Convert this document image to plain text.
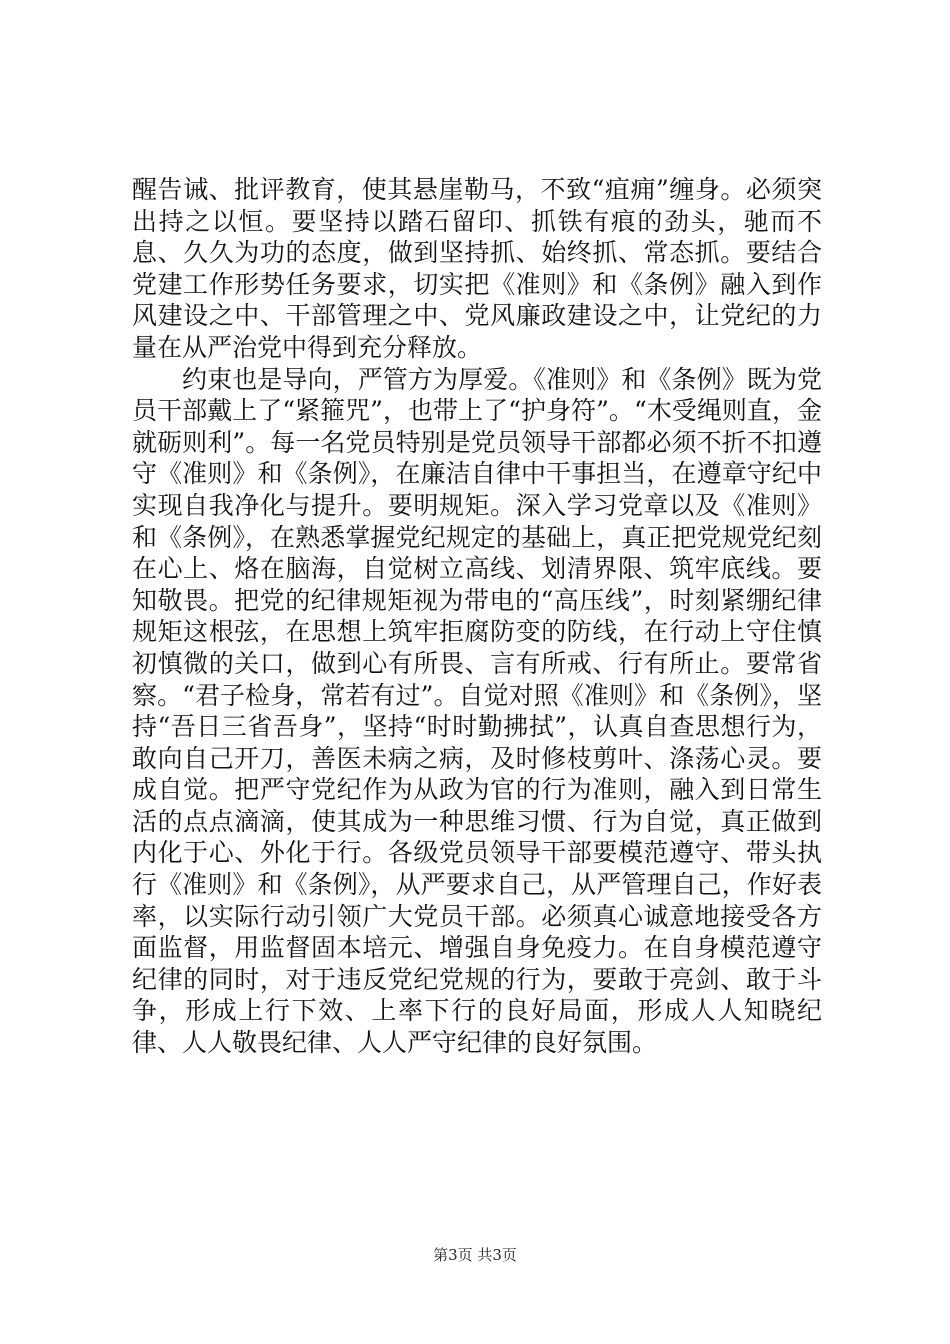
醒告诫、批评教育，使其悬崖勒马，不致“疽痈”缠身。必须突出持之以恒。要坚持以踏石留印、抓铁有痕的劲头，驰而不息、久久为功的态度，做到坚持抓、始终抓、常态抓。要结合党建工作形势任务要求，切实把《准则》和《条例》融入到作风建设之中、干部管理之中、党风廉政建设之中，让党纪的力量在从严治党中得到充分释放。

约束也是导向，严管方为厚爱。《准则》和《条例》既为党员干部戴上了“紧箍咒”，也带上了“护身符”。“木受绳则直，金就砺则利”。每一名党员特别是党员领导干部都必须不折不扣遵守《准则》和《条例》，在廉洁自律中干事担当，在遵章守纪中实现自我净化与提升。要明规矩。深入学习党章以及《准则》和《条例》，在熟悉掌握党纪规定的基础上，真正把党规党纪刻在心上、烙在脑海，自觉树立高线、划清界限、筑牢底线。要知敬畏。把党的纪律规矩视为带电的“高压线”，时刻紧绷纪律规矩这根弦，在思想上筑牢拒腐防变的防线，在行动上守住慎初慎微的关口，做到心有所畏、言有所戒、行有所止。要常省察。“君子检身，常若有过”。自觉对照《准则》和《条例》，坚持“吾日三省吾身”，坚持“时时勤拂拭”，认真自查思想行为，敢向自己开刀，善医未病之病，及时修枝剪叶、涤荡心灵。要成自觉。把严守党纪作为从政为官的行为准则，融入到日常生活的点点滴滴，使其成为一种思维习惯、行为自觉，真正做到内化于心、外化于行。各级党员领导干部要模范遵守、带头执行《准则》和《条例》，从严要求自己，从严管理自己，作好表率，以实际行动引领广大党员干部。必须真心诚意地接受各方面监督，用监督固本培元、增强自身免疫力。在自身模范遵守纪律的同时，对于违反党纪党规的行为，要敢于亮剑、敢于斗争，形成上行下效、上率下行的良好局面，形成人人知晓纪律、人人敬畏纪律、人人严守纪律的良好氛围。

第3页 共3页
